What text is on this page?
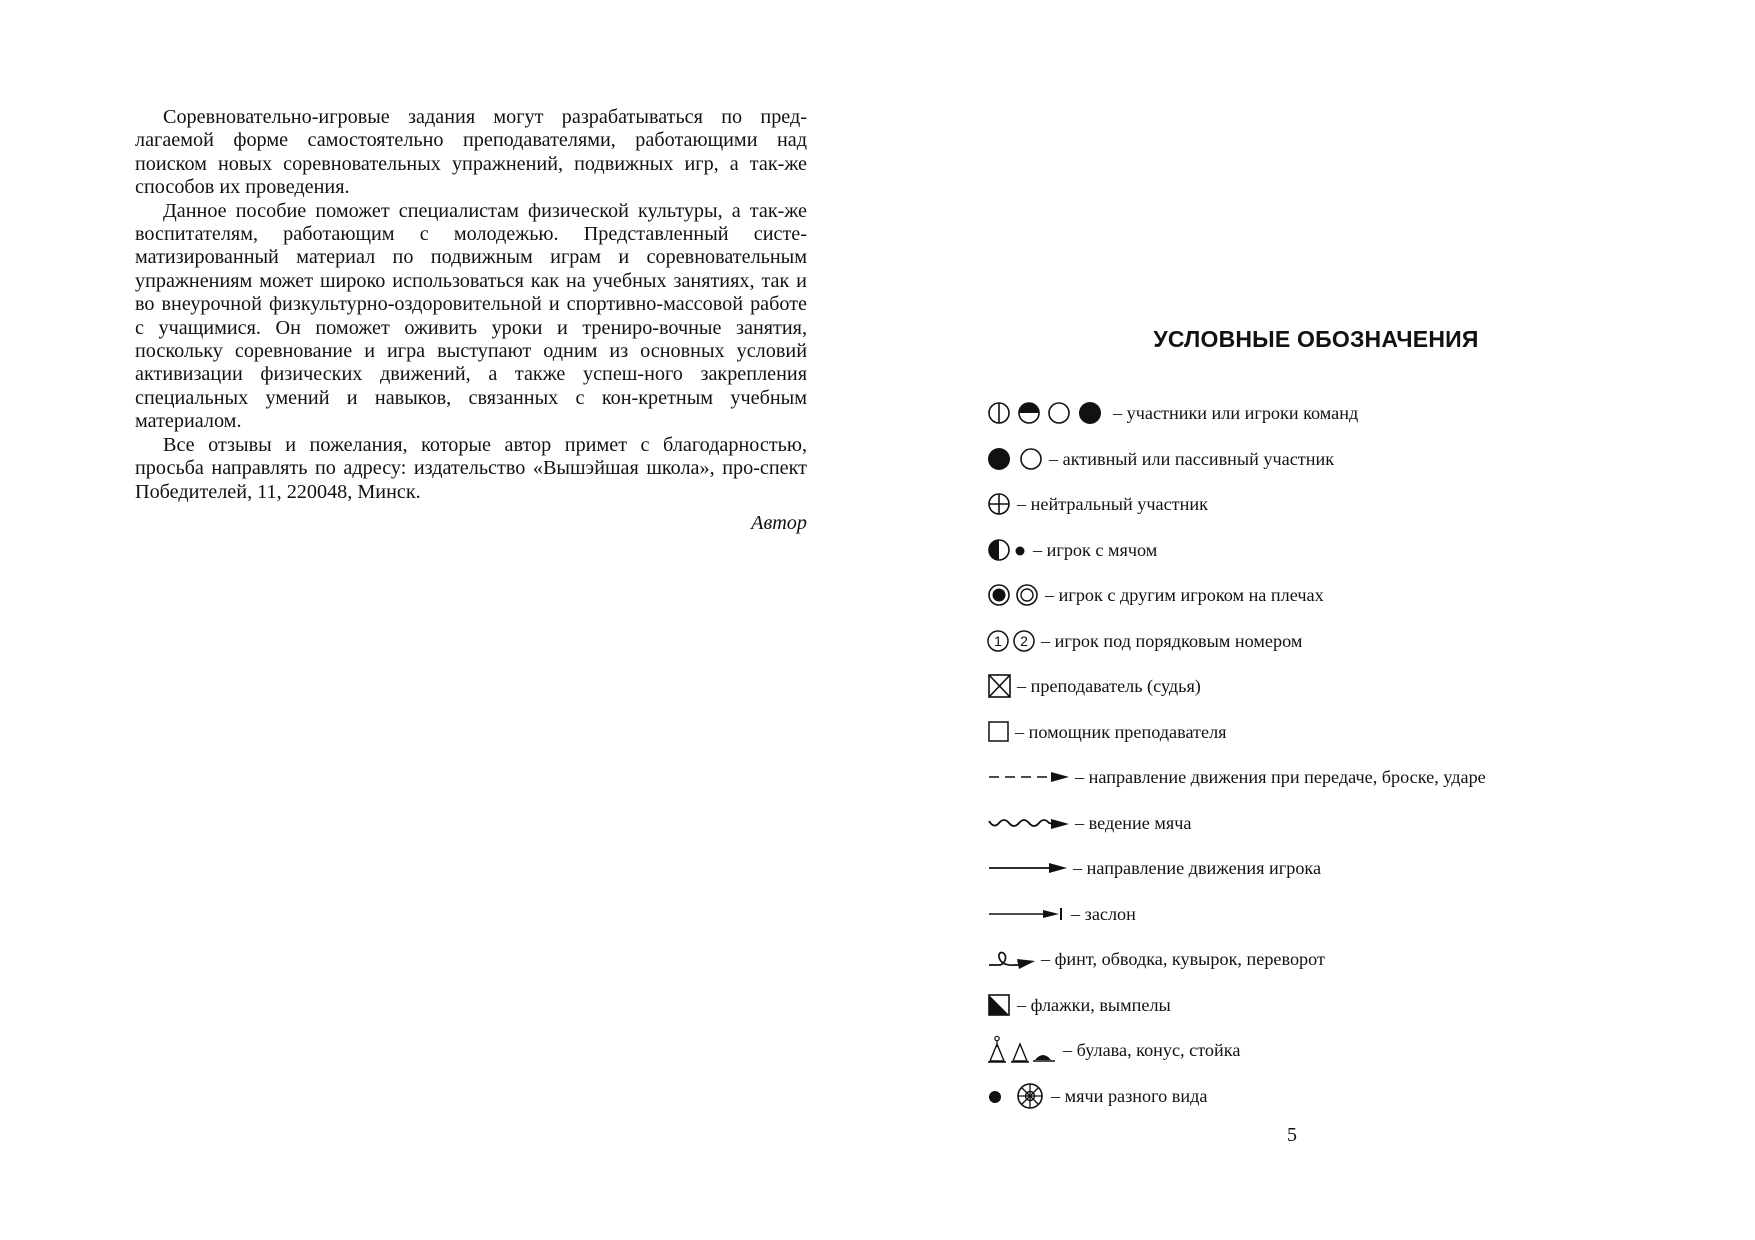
Соревновательно-игровые задания могут разрабатываться по пред-лагаемой форме самостоятельно преподавателями, работающими над поиском новых соревновательных упражнений, подвижных игр, а так-же способов их проведения.

Данное пособие поможет специалистам физической культуры, а так-же воспитателям, работающим с молодежью. Представленный систе-матизированный материал по подвижным играм и соревновательным упражнениям может широко использоваться как на учебных занятиях, так и во внеурочной физкультурно-оздоровительной и спортивно-массовой работе с учащимися. Он поможет оживить уроки и трениро-вочные занятия, поскольку соревнование и игра выступают одним из основных условий активизации физических движений, а также успеш-ного закрепления специальных умений и навыков, связанных с кон-кретным учебным материалом.

Все отзывы и пожелания, которые автор примет с благодарностью, просьба направлять по адресу: издательство «Вышэйшая школа», про-спект Победителей, 11, 220048, Минск.

Автор
УСЛОВНЫЕ ОБОЗНАЧЕНИЯ
– участники или игроки команд
– активный или пассивный участник
– нейтральный участник
– игрок с мячом
– игрок с другим игроком на плечах
1 2 – игрок под порядковым номером
– преподаватель (судья)
– помощник преподавателя
– направление движения при передаче, броске, ударе
– ведение мяча
– направление движения игрока
– заслон
– финт, обводка, кувырок, переворот
– флажки, вымпелы
– булава, конус, стойка
– мячи разного вида
5
